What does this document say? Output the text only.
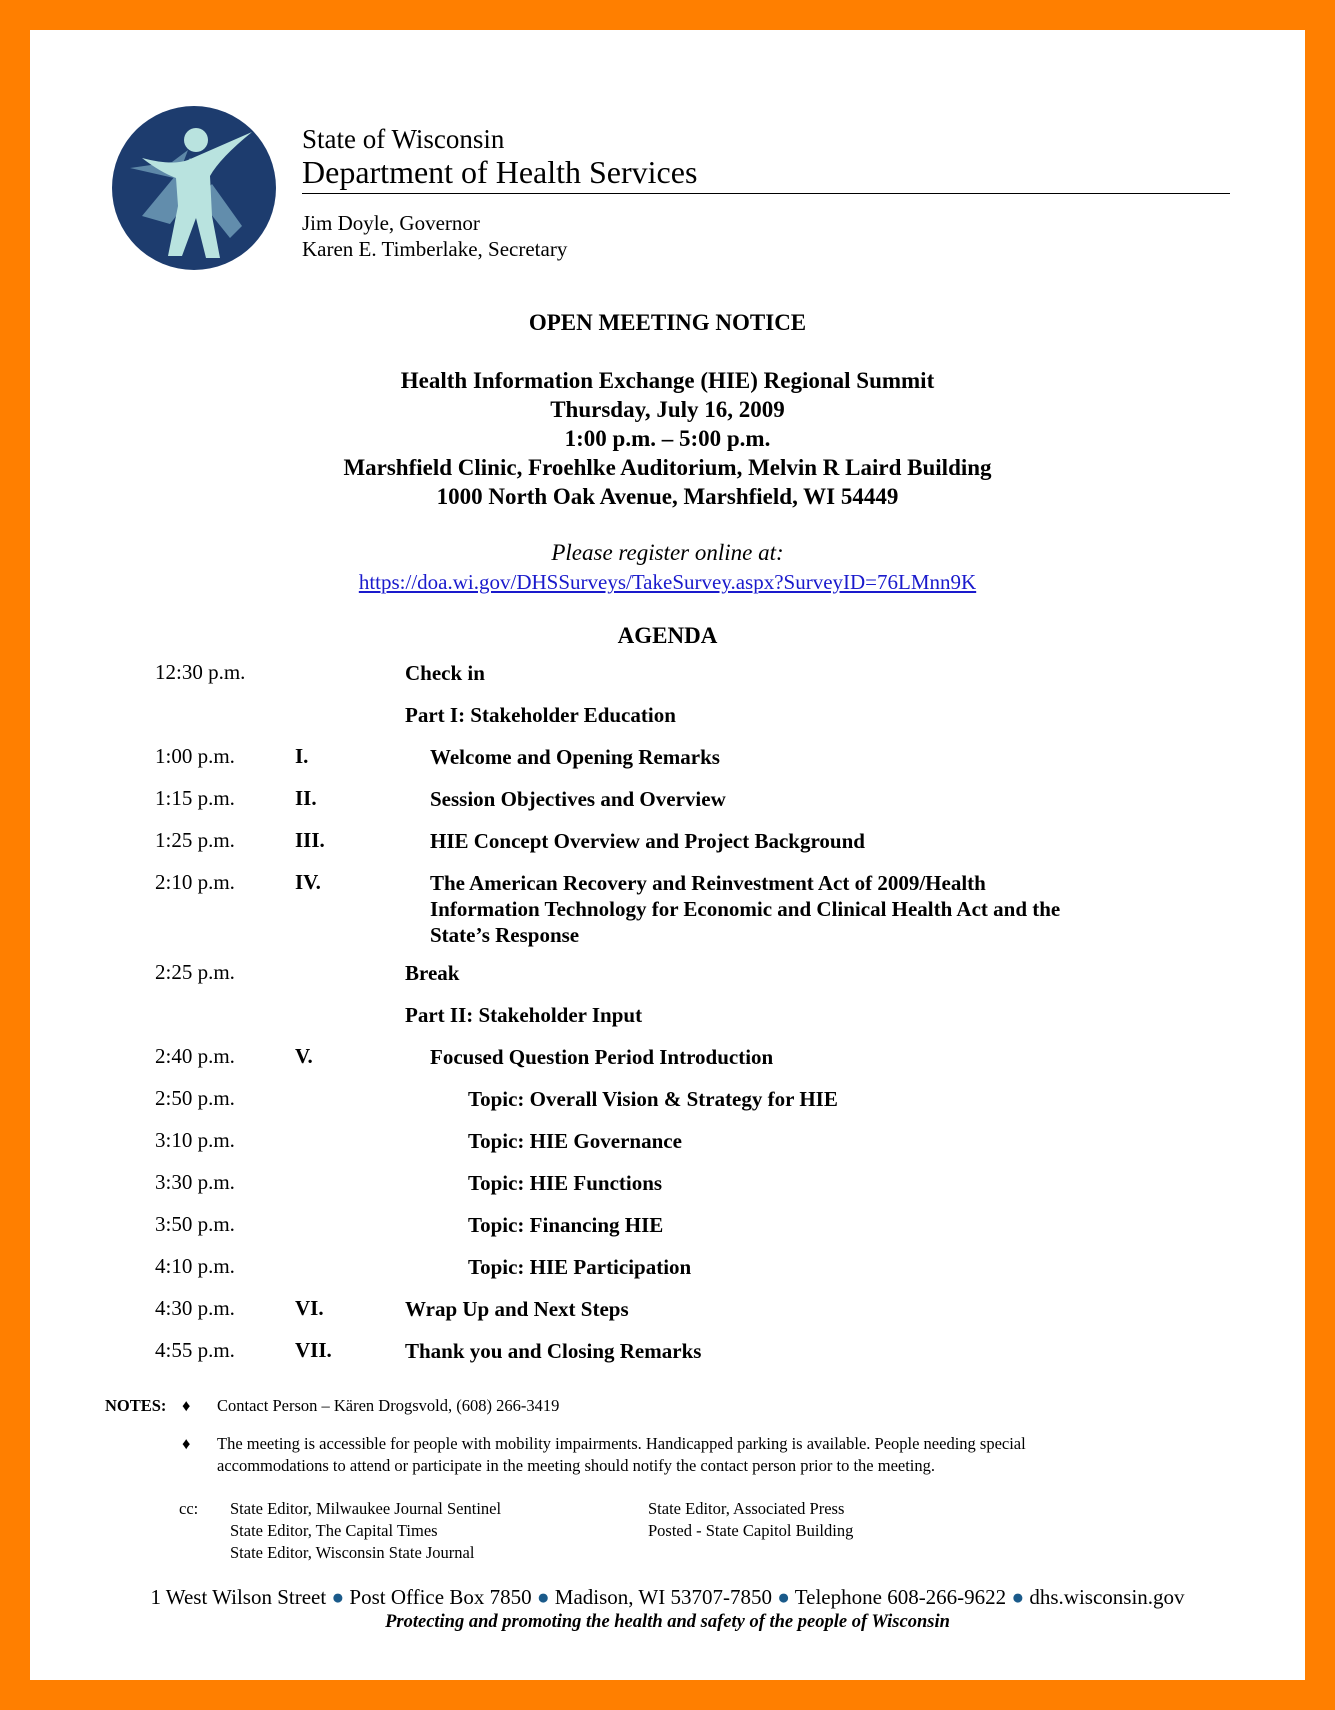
State of Wisconsin
Department of Health Services
Jim Doyle, Governor
Karen E. Timberlake, Secretary
OPEN MEETING NOTICE
Health Information Exchange (HIE) Regional Summit
Thursday, July 16, 2009
1:00 p.m. – 5:00 p.m.
Marshfield Clinic, Froehlke Auditorium, Melvin R Laird Building
1000 North Oak Avenue, Marshfield, WI 54449
Please register online at:
https://doa.wi.gov/DHSSurveys/TakeSurvey.aspx?SurveyID=76LMnn9K
AGENDA
12:30 p.m.	Check in
Part I: Stakeholder Education
1:00 p.m.	I.	Welcome and Opening Remarks
1:15 p.m.	II.	Session Objectives and Overview
1:25 p.m.	III.	HIE Concept Overview and Project Background
2:10 p.m.	IV.	The American Recovery and Reinvestment Act of 2009/Health
Information Technology for Economic and Clinical Health Act and the
State’s Response
2:25 p.m.	Break
Part II: Stakeholder Input
2:40 p.m.	V.	Focused Question Period Introduction
2:50 p.m.	Topic: Overall Vision & Strategy for HIE
3:10 p.m.	Topic: HIE Governance
3:30 p.m.	Topic: HIE Functions
3:50 p.m.	Topic: Financing HIE
4:10 p.m.	Topic: HIE Participation
4:30 p.m.	VI.	Wrap Up and Next Steps
4:55 p.m.	VII.	Thank you and Closing Remarks
NOTES: ♦ Contact Person – Kären Drogsvold, (608) 266-3419
♦ The meeting is accessible for people with mobility impairments. Handicapped parking is available. People needing special
accommodations to attend or participate in the meeting should notify the contact person prior to the meeting.
cc: State Editor, Milwaukee Journal Sentinel
State Editor, The Capital Times
State Editor, Wisconsin State Journal
State Editor, Associated Press
Posted - State Capitol Building
1 West Wilson Street ● Post Office Box 7850 ● Madison, WI 53707-7850 ● Telephone 608-266-9622 ● dhs.wisconsin.gov
Protecting and promoting the health and safety of the people of Wisconsin
